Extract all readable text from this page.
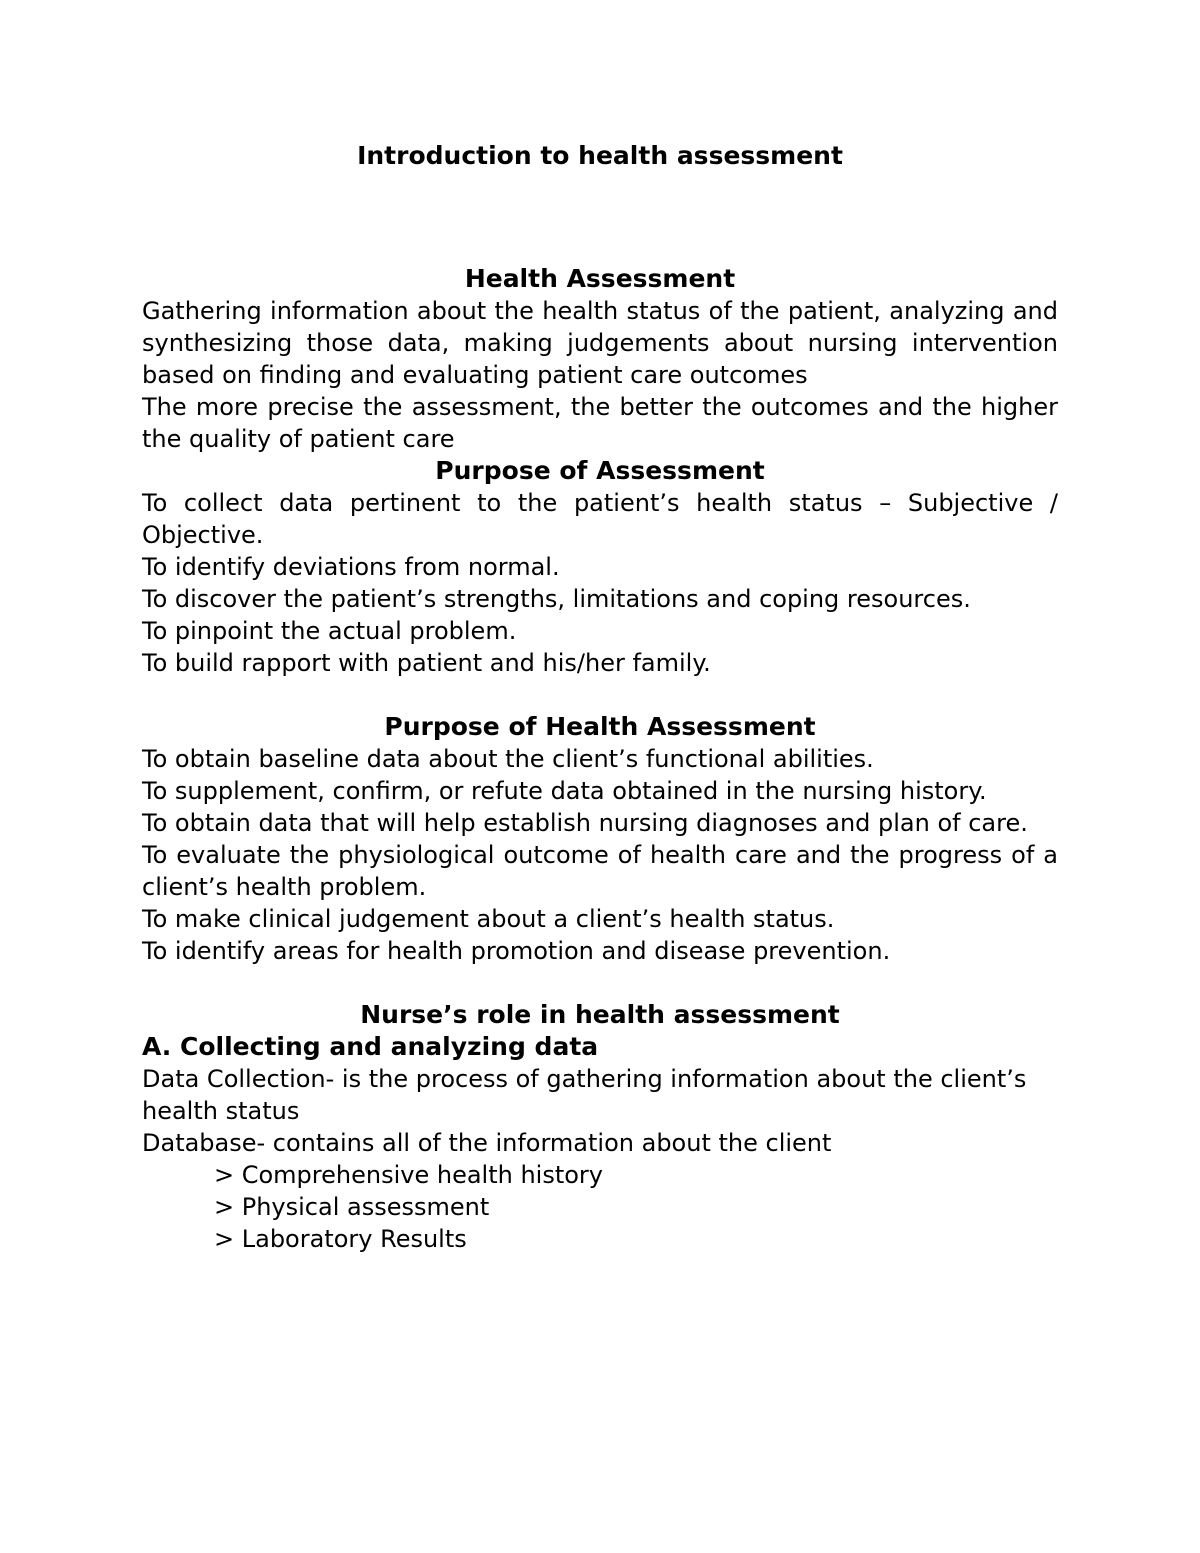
Introduction to health assessment
Health Assessment

Gathering information about the health status of the patient, analyzing and synthesizing those data, making judgements about nursing intervention based on finding and evaluating patient care outcomes

The more precise the assessment, the better the outcomes and the higher the quality of patient care

Purpose of Assessment

To collect data pertinent to the patient’s health status – Subjective / Objective.

To identify deviations from normal.

To discover the patient’s strengths, limitations and coping resources.

To pinpoint the actual problem.

To build rapport with patient and his/her family.

Purpose of Health Assessment

To obtain baseline data about the client’s functional abilities.

To supplement, confirm, or refute data obtained in the nursing history.

To obtain data that will help establish nursing diagnoses and plan of care.

To evaluate the physiological outcome of health care and the progress of a client’s health problem.

To make clinical judgement about a client’s health status.

To identify areas for health promotion and disease prevention.

Nurse’s role in health assessment
A. Collecting and analyzing data

Data Collection- is the process of gathering information about the client’s health status

Database- contains all of the information about the client

> Comprehensive health history

> Physical assessment

> Laboratory Results
